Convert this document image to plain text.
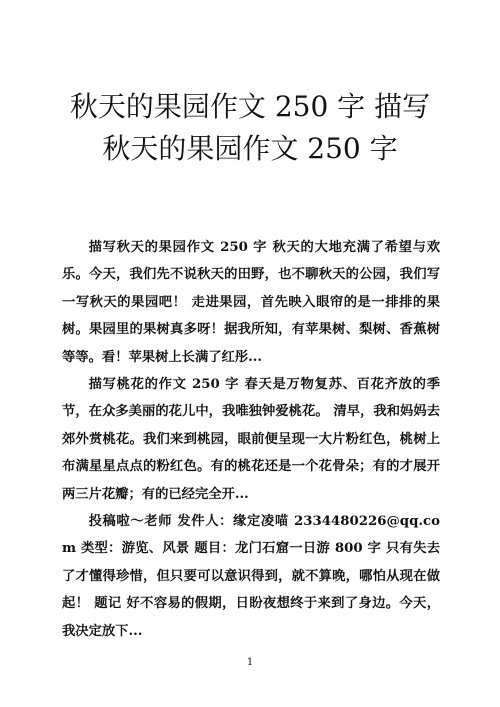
秋天的果园作文 250 字 描写秋天的果园作文 250 字

描写秋天的果园作文 250 字 秋天的大地充满了希望与欢乐。今天，我们先不说秋天的田野，也不聊秋天的公园，我们写一写秋天的果园吧！ 走进果园，首先映入眼帘的是一排排的果树。果园里的果树真多呀！据我所知，有苹果树、梨树、香蕉树等等。看！苹果树上长满了红彤...

描写桃花的作文 250 字 春天是万物复苏、百花齐放的季节，在众多美丽的花儿中，我唯独钟爱桃花。 清早，我和妈妈去郊外赏桃花。我们来到桃园，眼前便呈现一大片粉红色，桃树上布满星星点点的粉红色。有的桃花还是一个花骨朵；有的才展开两三片花瓣；有的已经完全开...

投稿啦～老师 发件人：缘定凌喵 2334480226@qq.com 类型：游览、风景 题目：龙门石窟一日游 800 字 只有失去了才懂得珍惜，但只要可以意识得到，就不算晚，哪怕从现在做起！ 题记 好不容易的假期，日盼夜想终于来到了身边。今天，我决定放下...

1
